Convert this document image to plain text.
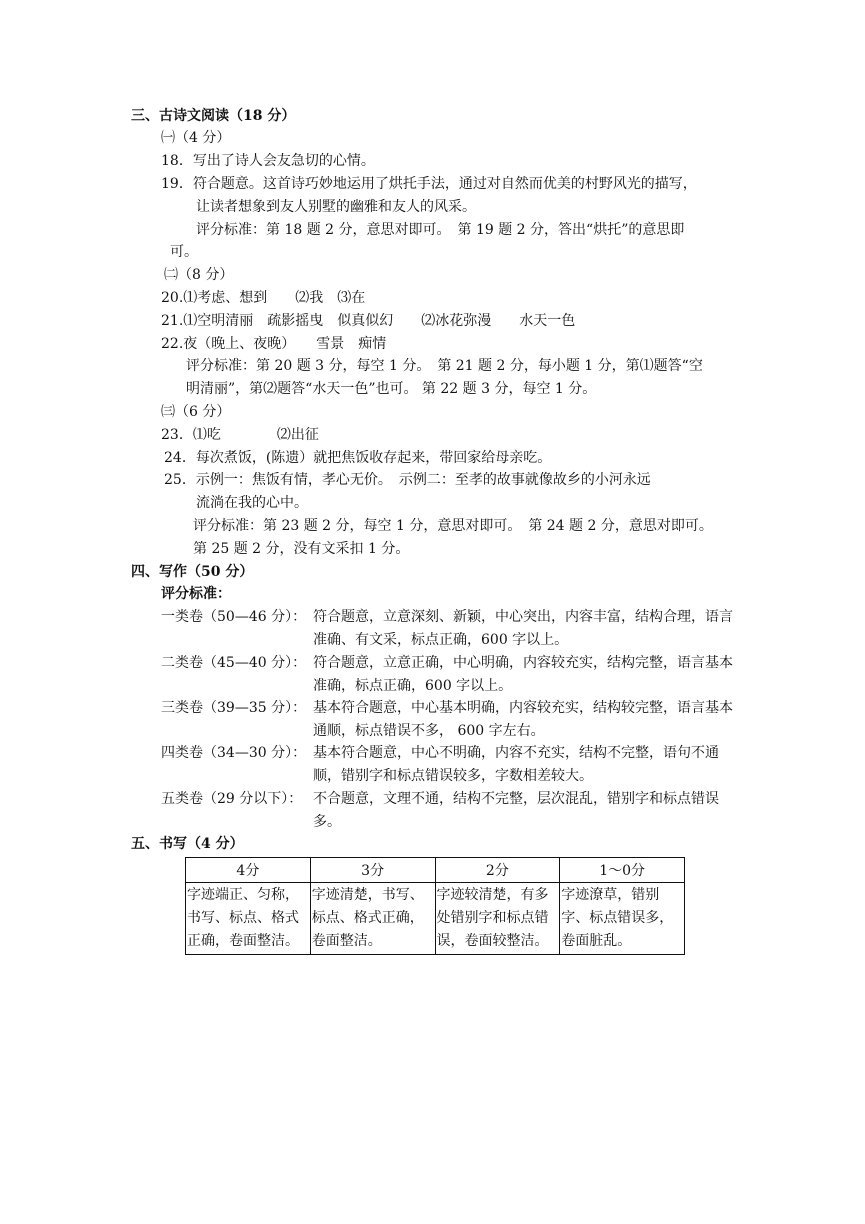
三、古诗文阅读（18 分）
㈠（4 分）
18．写出了诗人会友急切的心情。
19．符合题意。这首诗巧妙地运用了烘托手法，通过对自然而优美的村野风光的描写，
让读者想象到友人别墅的幽雅和友人的风采。
评分标准：第 18 题 2 分，意思对即可。　第 19 题 2 分，答出“烘托”的意思即
可。
㈡（8 分）
20.⑴考虑、想到　　⑵我　⑶在
21.⑴空明清丽　疏影摇曳　似真似幻　　⑵冰花弥漫　　水天一色
22.夜（晚上、夜晚）　　雪景　痴情
评分标准：第 20 题 3 分，每空 1 分。　第 21 题 2 分，每小题 1 分，第⑴题答“空
明清丽”，第⑵题答“水天一色”也可。 第 22 题 3 分，每空 1 分。
㈢（6 分）
23．⑴吃　　　　⑵出征
24．每次煮饭，(陈遗）就把焦饭收存起来，带回家给母亲吃。
25．示例一：焦饭有情，孝心无价。　示例二：至孝的故事就像故乡的小河永远
流淌在我的心中。
评分标准：第 23 题 2 分，每空 1 分，意思对即可。　第 24 题 2 分，意思对即可。
第 25 题 2 分，没有文采扣 1 分。
四、写作（50 分）
评分标准：
一类卷（50—46 分）： 符合题意，立意深刻、新颖，中心突出，内容丰富，结构合理，语言准确、有文采，标点正确，600 字以上。
二类卷（45—40 分）： 符合题意，立意正确，中心明确，内容较充实，结构完整，语言基本准确，标点正确，600 字以上。
三类卷（39—35 分）： 基本符合题意，中心基本明确，内容较充实，结构较完整，语言基本通顺，标点错误不多， 600 字左右。
四类卷（34—30 分）： 基本符合题意，中心不明确，内容不充实，结构不完整，语句不通顺，错别字和标点错误较多，字数相差较大。
五类卷（29 分以下）： 不合题意，文理不通，结构不完整，层次混乱，错别字和标点错误多。
五、书写（4 分）
4分	3分	2分	1～0分
字迹端正、匀称，书写、标点、格式正确，卷面整洁。	字迹清楚，书写、标点、格式正确，卷面整洁。	字迹较清楚，有多处错别字和标点错误，卷面较整洁。	字迹潦草，错别字、标点错误多，卷面脏乱。
